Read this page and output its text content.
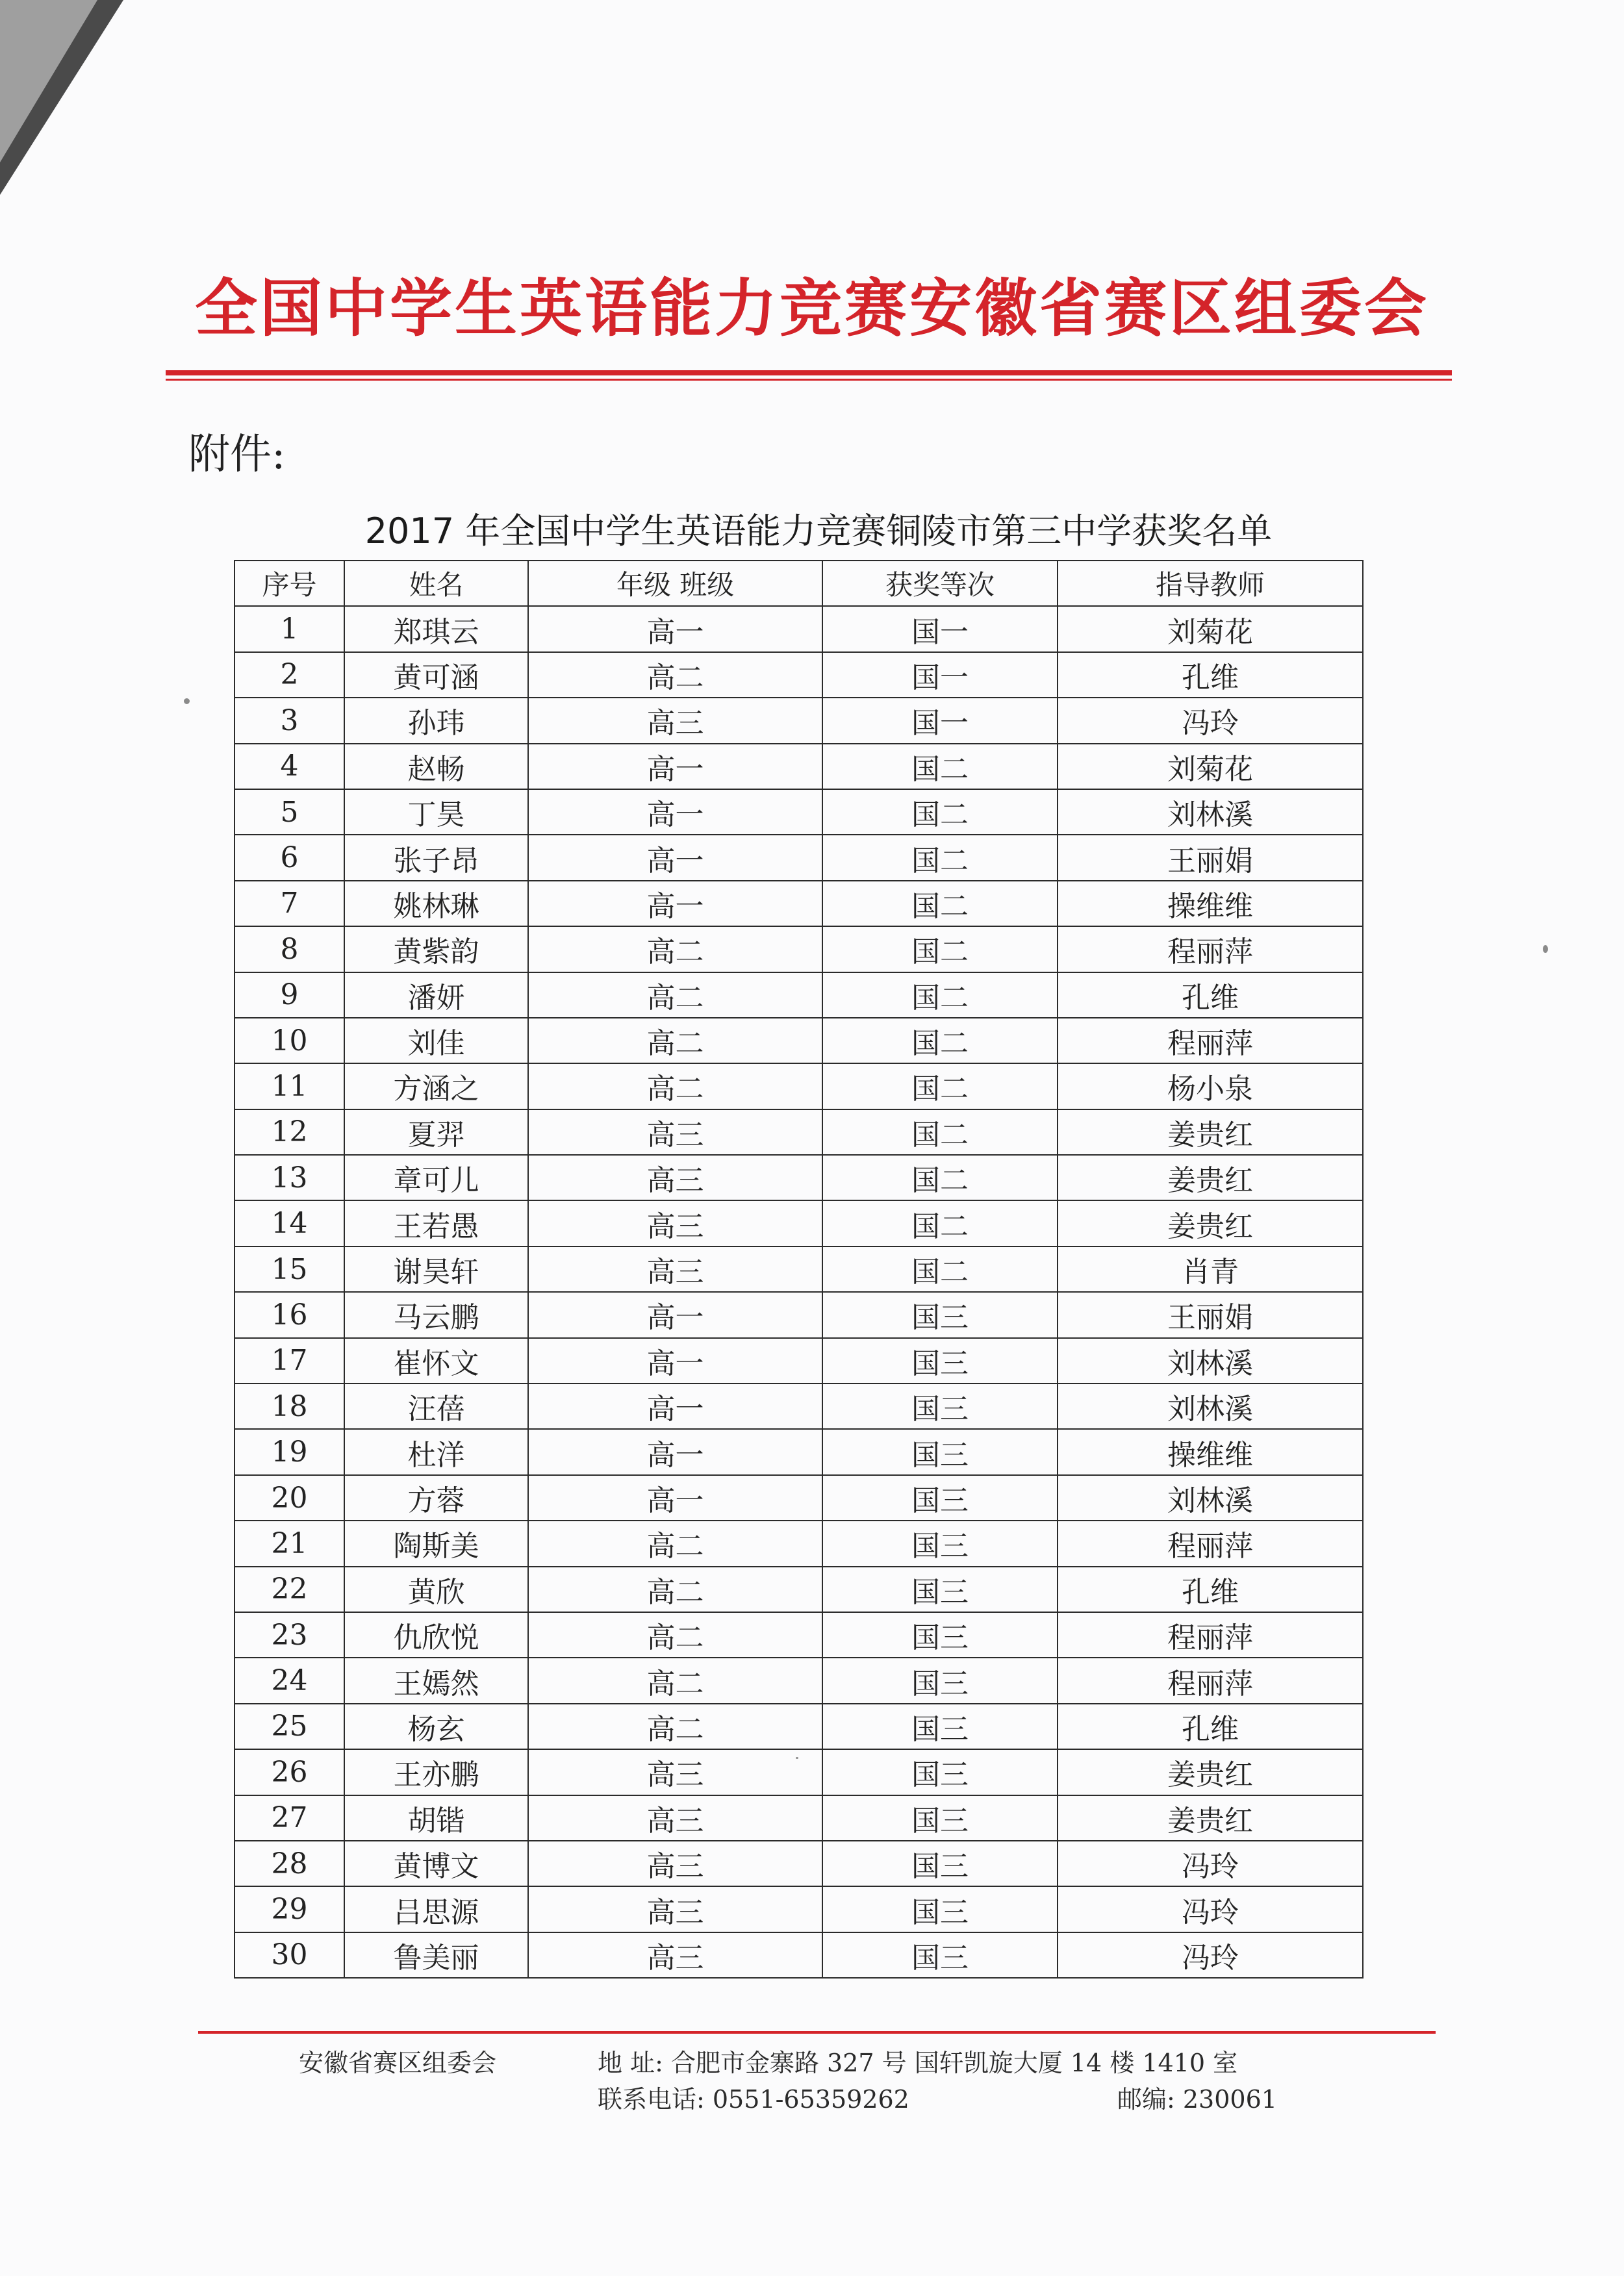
全国中学生英语能力竞赛安徽省赛区组委会
附件:
2017 年全国中学生英语能力竞赛铜陵市第三中学获奖名单
序号	姓名	年级 班级	获奖等次	指导教师
1	郑琪云	高一	国一	刘菊花
2	黄可涵	高二	国一	孔维
3	孙玮	高三	国一	冯玲
4	赵畅	高一	国二	刘菊花
5	丁昊	高一	国二	刘林溪
6	张子昂	高一	国二	王丽娟
7	姚林琳	高一	国二	操维维
8	黄紫韵	高二	国二	程丽萍
9	潘妍	高二	国二	孔维
10	刘佳	高二	国二	程丽萍
11	方涵之	高二	国二	杨小泉
12	夏羿	高三	国二	姜贵红
13	章可儿	高三	国二	姜贵红
14	王若愚	高三	国二	姜贵红
15	谢昊轩	高三	国二	肖青
16	马云鹏	高一	国三	王丽娟
17	崔怀文	高一	国三	刘林溪
18	汪蓓	高一	国三	刘林溪
19	杜洋	高一	国三	操维维
20	方蓉	高一	国三	刘林溪
21	陶斯美	高二	国三	程丽萍
22	黄欣	高二	国三	孔维
23	仇欣悦	高二	国三	程丽萍
24	王嫣然	高二	国三	程丽萍
25	杨玄	高二	国三	孔维
26	王亦鹏	高三	国三	姜贵红
27	胡锴	高三	国三	姜贵红
28	黄博文	高三	国三	冯玲
29	吕思源	高三	国三	冯玲
30	鲁美丽	高三	国三	冯玲
安徽省赛区组委会	地 址: 合肥市金寨路 327 号 国轩凯旋大厦 14 楼 1410 室
联系电话: 0551-65359262	邮编: 230061
